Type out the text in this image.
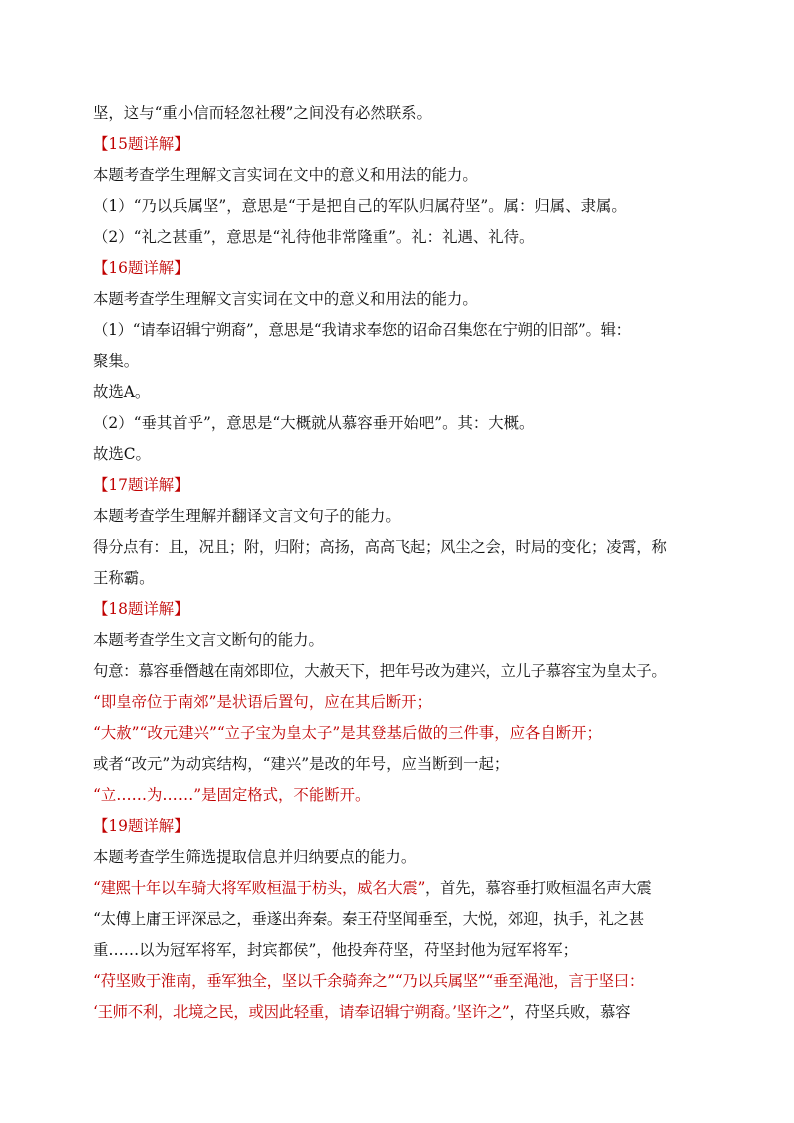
坚，这与“重小信而轻忽社稷”之间没有必然联系。
【15题详解】
本题考查学生理解文言实词在文中的意义和用法的能力。
（1）“乃以兵属坚”，意思是“于是把自己的军队归属苻坚”。属：归属、隶属。
（2）“礼之甚重”，意思是“礼待他非常隆重”。礼：礼遇、礼待。
【16题详解】
本题考查学生理解文言实词在文中的意义和用法的能力。
（1）“请奉诏辑宁朔裔”，意思是“我请求奉您的诏命召集您在宁朔的旧部”。辑：
聚集。
故选A。
（2）“垂其首乎”，意思是“大概就从慕容垂开始吧”。其：大概。
故选C。
【17题详解】
本题考查学生理解并翻译文言文句子的能力。
得分点有：且，况且；附，归附；高扬，高高飞起；风尘之会，时局的变化；凌霄，称
王称霸。
【18题详解】
本题考查学生文言文断句的能力。
句意：慕容垂僭越在南郊即位，大赦天下，把年号改为建兴，立儿子慕容宝为皇太子。
“即皇帝位于南郊”是状语后置句，应在其后断开；
“大赦”“改元建兴”“立子宝为皇太子”是其登基后做的三件事，应各自断开；
或者“改元”为动宾结构，“建兴”是改的年号，应当断到一起；
“立……为……”是固定格式，不能断开。
【19题详解】
本题考查学生筛选提取信息并归纳要点的能力。
“建熙十年以车骑大将军败桓温于枋头，威名大震”，首先，慕容垂打败桓温名声大震
“太傅上庸王评深忌之，垂遂出奔秦。秦王苻坚闻垂至，大悦，郊迎，执手，礼之甚
重……以为冠军将军，封宾都侯”，他投奔苻坚，苻坚封他为冠军将军；
“苻坚败于淮南，垂军独全，坚以千余骑奔之”“乃以兵属坚”“垂至渑池，言于坚曰：
‘王师不利，北境之民，或因此轻重，请奉诏辑宁朔裔。’坚许之”，苻坚兵败，慕容
